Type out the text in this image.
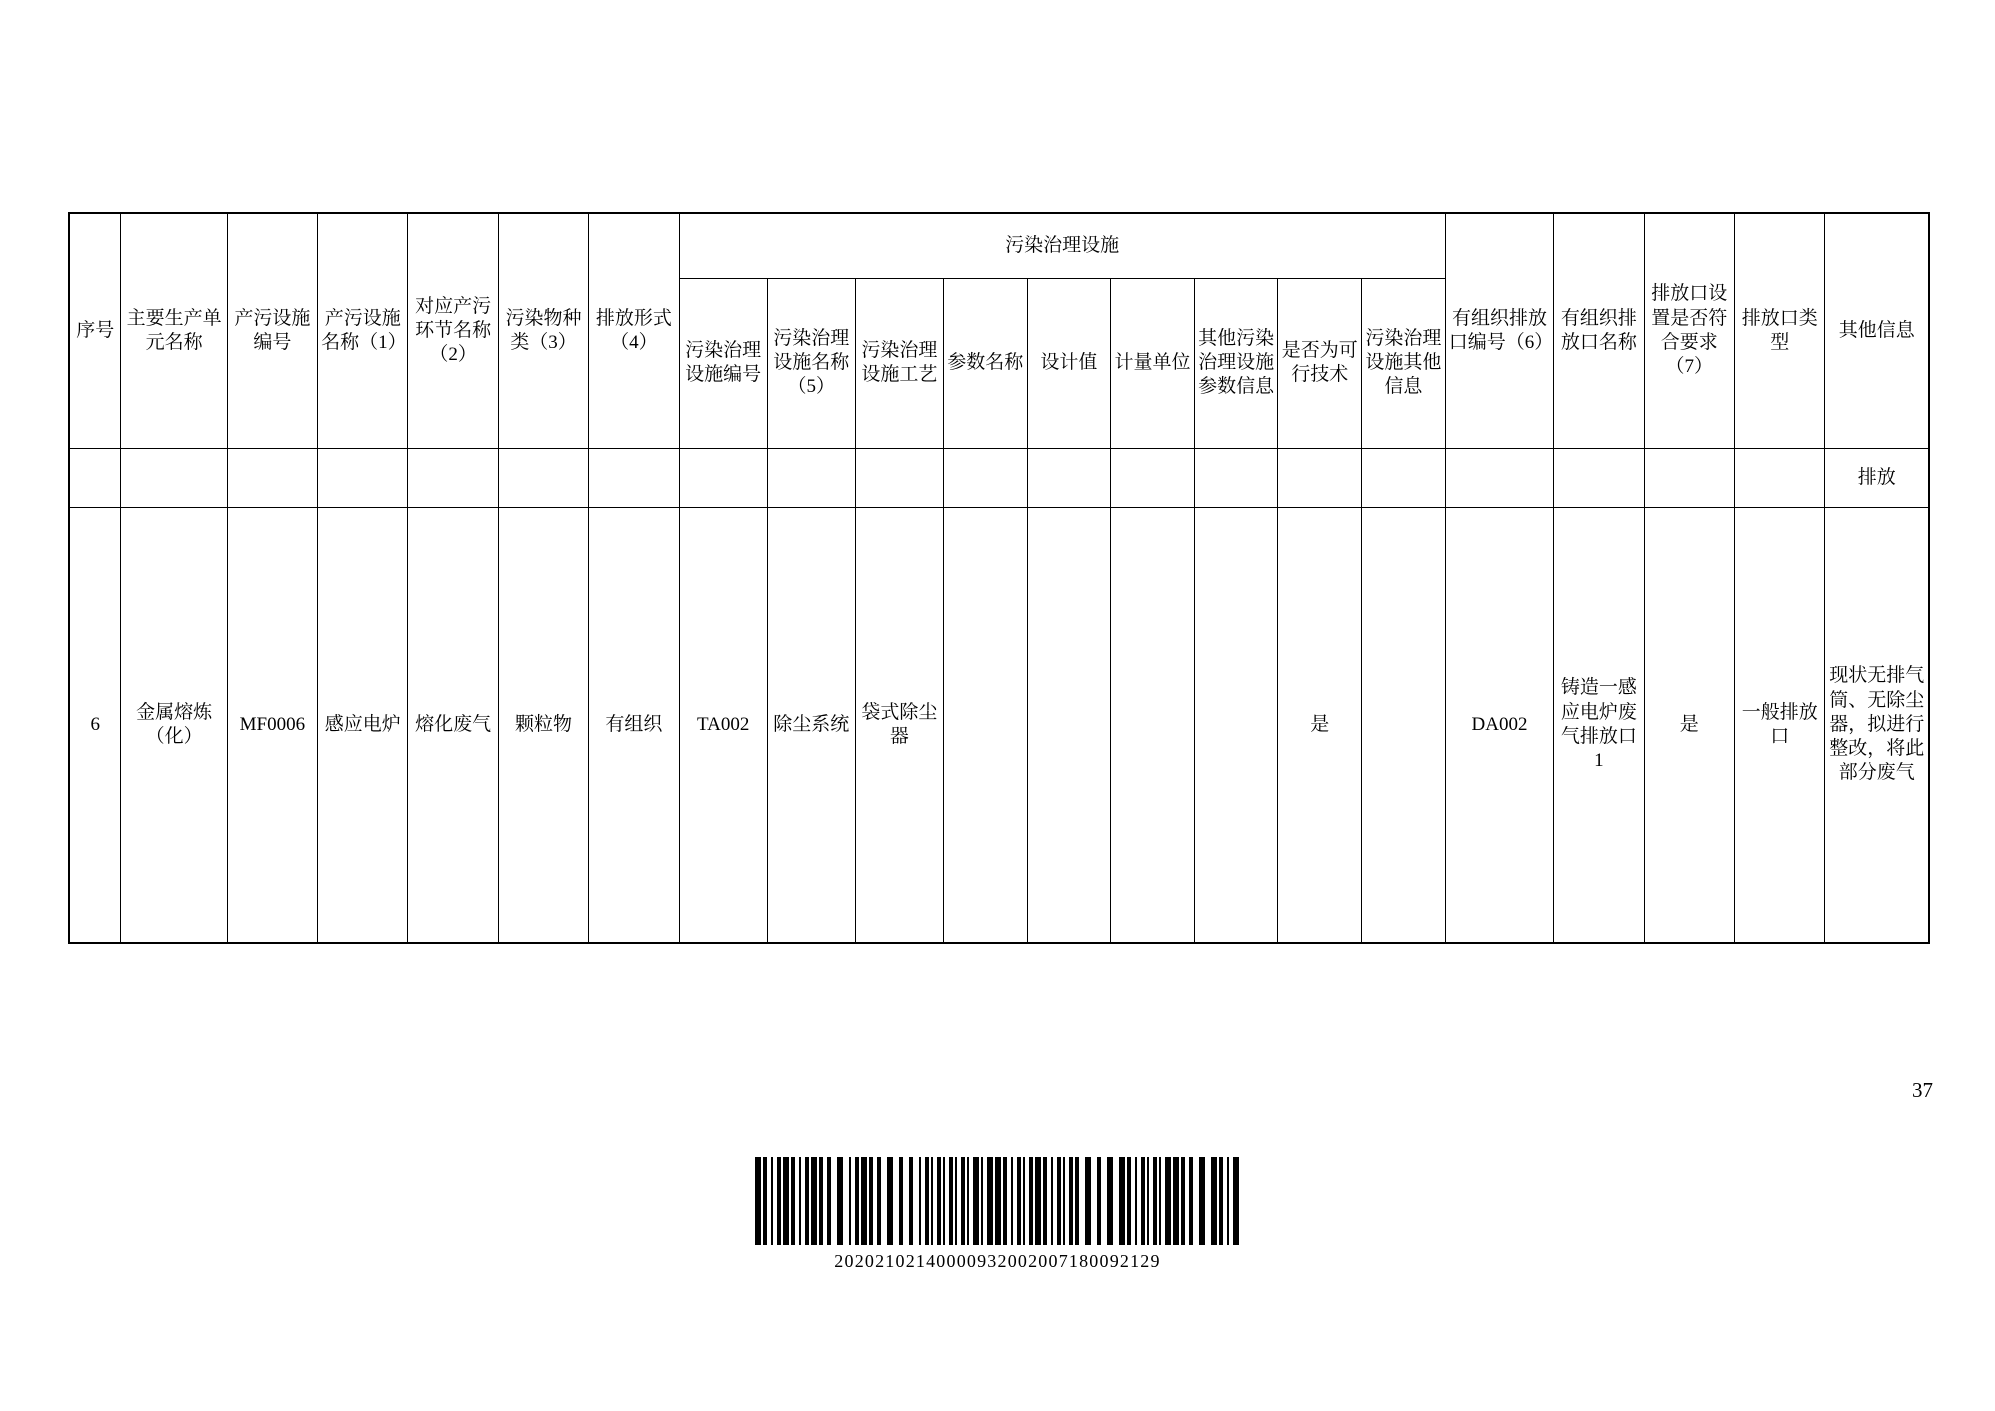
序号	主要生产单元名称	产污设施编号	产污设施名称（1）	对应产污环节名称（2）	污染物种类（3）	排放形式（4）	污染治理设施									有组织排放口编号（6）	有组织排放口名称	排放口设置是否符合要求（7）	排放口类型	其他信息
							污染治理设施编号	污染治理设施名称（5）	污染治理设施工艺	参数名称	设计值	计量单位	其他污染治理设施参数信息	是否为可行技术	污染治理设施其他信息					
																				排放
6	金属熔炼（化）	MF0006	感应电炉	熔化废气	颗粒物	有组织	TA002	除尘系统	袋式除尘器					是		DA002	铸造一感应电炉废气排放口1	是	一般排放口	现状无排气筒、无除尘器，拟进行整改，将此部分废气
37
20202102140000932002007180092129
